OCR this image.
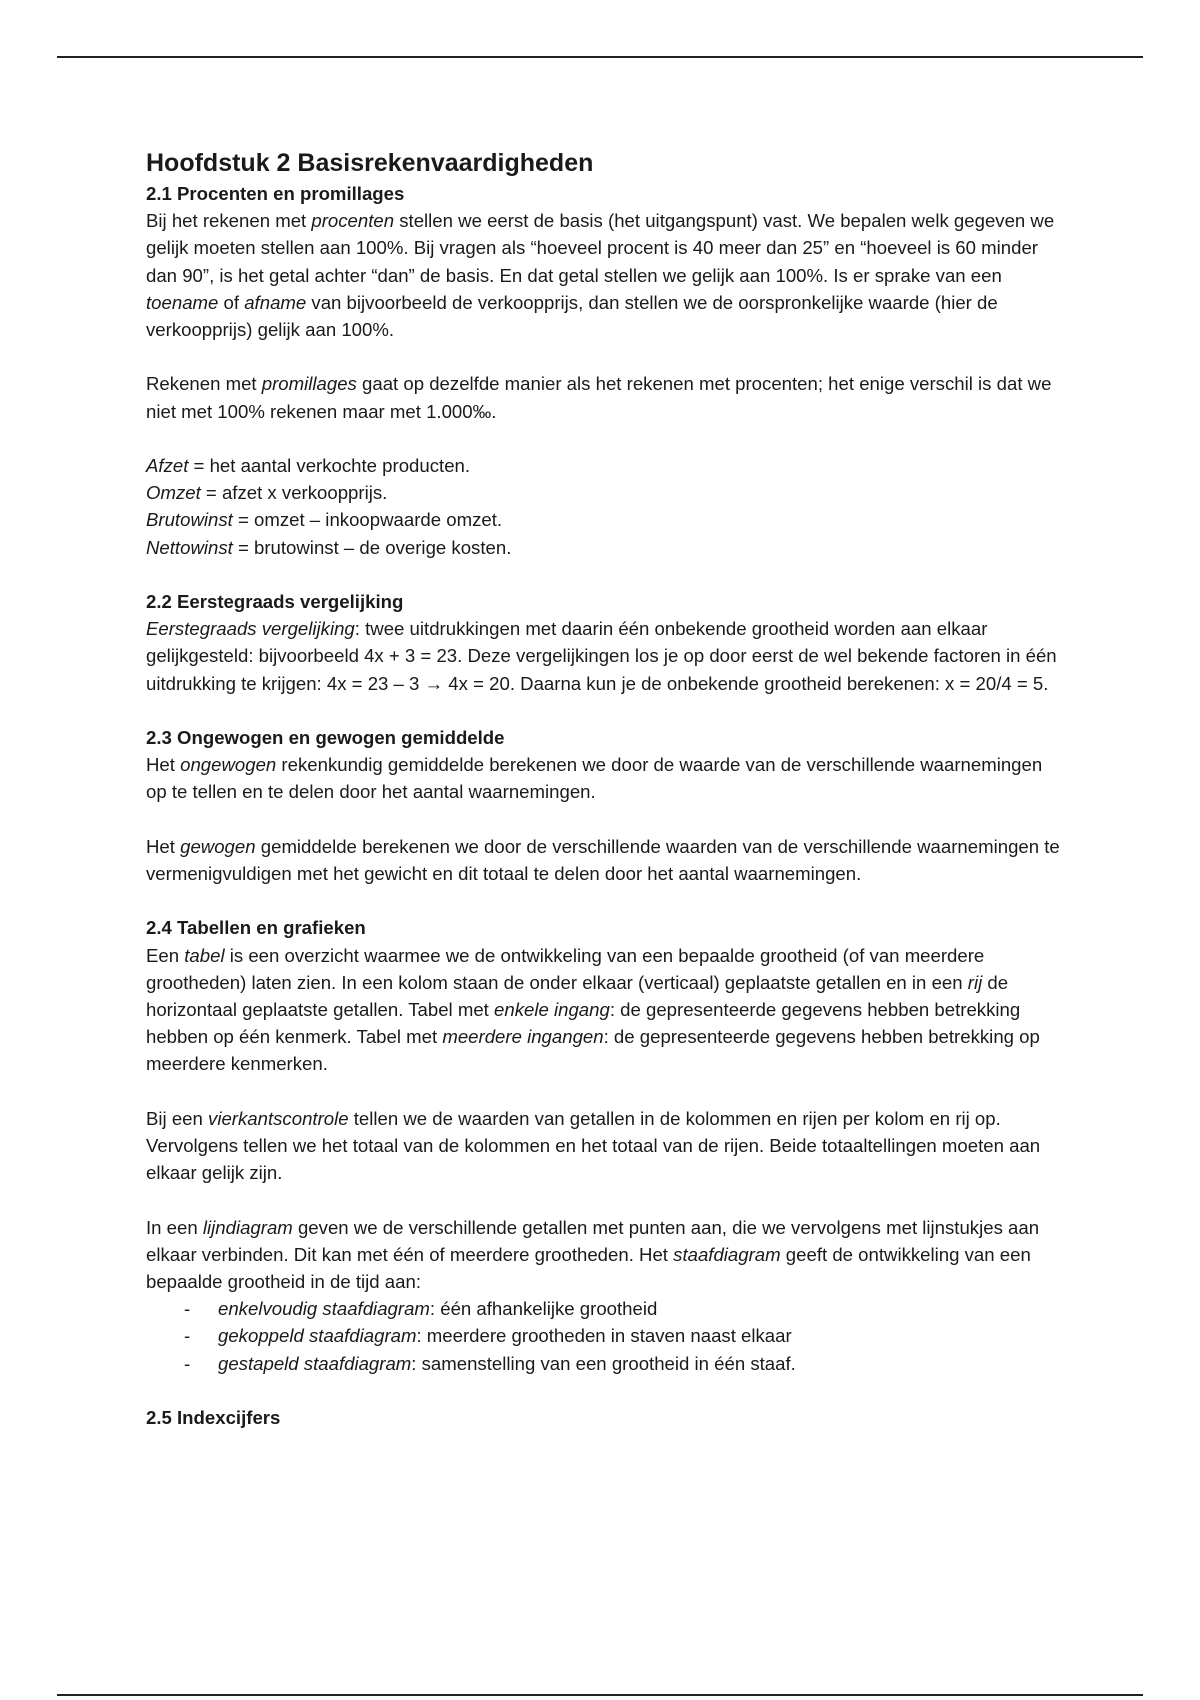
Hoofdstuk 2 Basisrekenvaardigheden
2.1 Procenten en promillages

Bij het rekenen met procenten stellen we eerst de basis (het uitgangspunt) vast. We bepalen welk gegeven we gelijk moeten stellen aan 100%. Bij vragen als “hoeveel procent is 40 meer dan 25” en “hoeveel is 60 minder dan 90”, is het getal achter “dan” de basis. En dat getal stellen we gelijk aan 100%. Is er sprake van een toename of afname van bijvoorbeeld de verkoopprijs, dan stellen we de oorspronkelijke waarde (hier de verkoopprijs) gelijk aan 100%.

Rekenen met promillages gaat op dezelfde manier als het rekenen met procenten; het enige verschil is dat we niet met 100% rekenen maar met 1.000‰.

Afzet = het aantal verkochte producten.

Omzet = afzet x verkoopprijs.

Brutowinst = omzet – inkoopwaarde omzet.

Nettowinst = brutowinst – de overige kosten.

2.2 Eerstegraads vergelijking

Eerstegraads vergelijking: twee uitdrukkingen met daarin één onbekende grootheid worden aan elkaar gelijkgesteld: bijvoorbeeld 4x + 3 = 23. Deze vergelijkingen los je op door eerst de wel bekende factoren in één uitdrukking te krijgen: 4x = 23 – 3 → 4x = 20. Daarna kun je de onbekende grootheid berekenen: x = 20/4 = 5.

2.3 Ongewogen en gewogen gemiddelde

Het ongewogen rekenkundig gemiddelde berekenen we door de waarde van de verschillende waarnemingen op te tellen en te delen door het aantal waarnemingen.

Het gewogen gemiddelde berekenen we door de verschillende waarden van de verschillende waarnemingen te vermenigvuldigen met het gewicht en dit totaal te delen door het aantal waarnemingen.

2.4 Tabellen en grafieken

Een tabel is een overzicht waarmee we de ontwikkeling van een bepaalde grootheid (of van meerdere grootheden) laten zien. In een kolom staan de onder elkaar (verticaal) geplaatste getallen en in een rij de horizontaal geplaatste getallen. Tabel met enkele ingang: de gepresenteerde gegevens hebben betrekking hebben op één kenmerk. Tabel met meerdere ingangen: de gepresenteerde gegevens hebben betrekking op meerdere kenmerken.

Bij een vierkantscontrole tellen we de waarden van getallen in de kolommen en rijen per kolom en rij op. Vervolgens tellen we het totaal van de kolommen en het totaal van de rijen. Beide totaaltellingen moeten aan elkaar gelijk zijn.

In een lijndiagram geven we de verschillende getallen met punten aan, die we vervolgens met lijnstukjes aan elkaar verbinden. Dit kan met één of meerdere grootheden. Het staafdiagram geeft de ontwikkeling van een bepaalde grootheid in de tijd aan:

- enkelvoudig staafdiagram: één afhankelijke grootheid
- gekoppeld staafdiagram: meerdere grootheden in staven naast elkaar
- gestapeld staafdiagram: samenstelling van een grootheid in één staaf.
2.5 Indexcijfers
